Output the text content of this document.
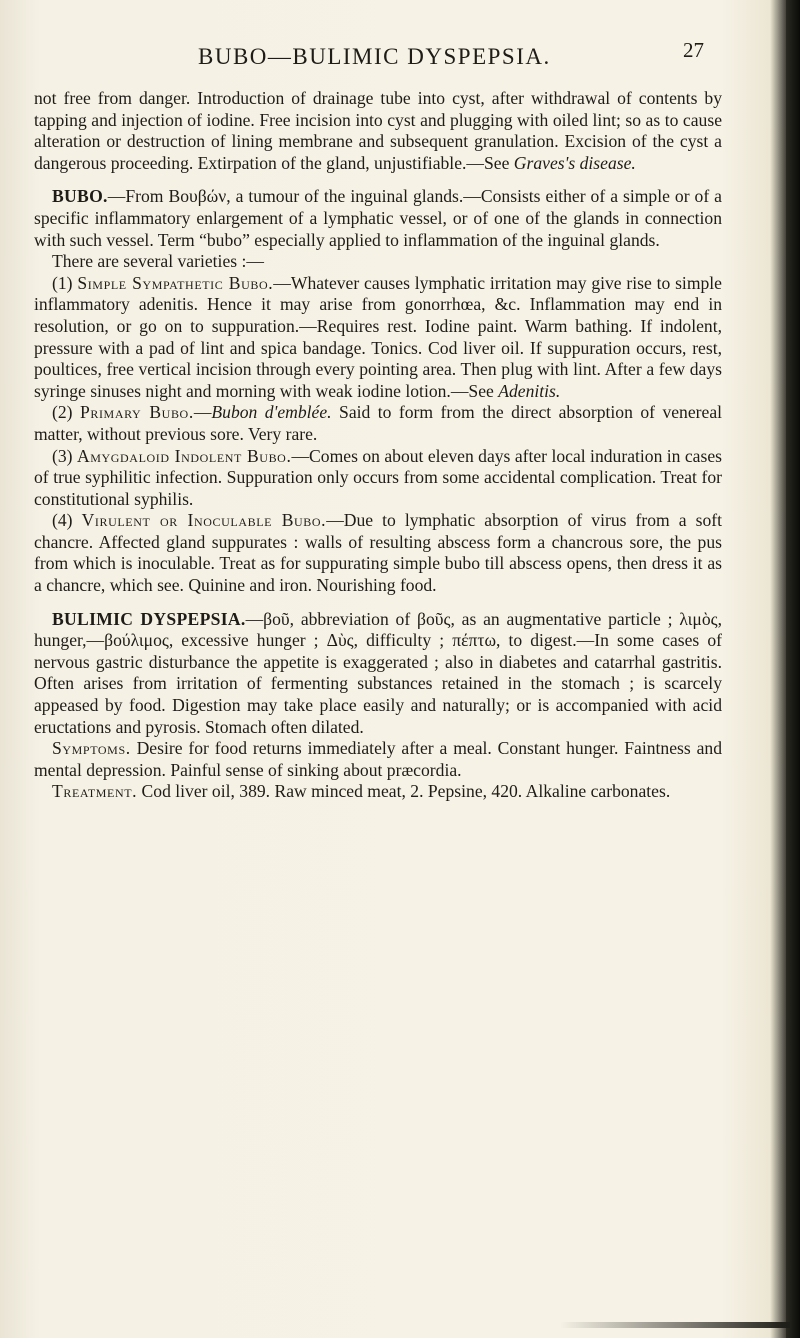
BUBO—BULIMIC DYSPEPSIA.	27

not free from danger. Introduction of drainage tube into cyst, after withdrawal of contents by tapping and injection of iodine. Free incision into cyst and plugging with oiled lint; so as to cause alteration or destruction of lining membrane and subsequent granulation. Excision of the cyst a dangerous proceeding. Extirpation of the gland, unjustifiable.—See Graves's disease.

BUBO.—From Βουβών, a tumour of the inguinal glands.—Consists either of a simple or of a specific inflammatory enlargement of a lymphatic vessel, or of one of the glands in connection with such vessel. Term “bubo” especially applied to inflammation of the inguinal glands.

There are several varieties :—

(1) Simple Sympathetic Bubo.—Whatever causes lymphatic irritation may give rise to simple inflammatory adenitis. Hence it may arise from gonorrhœa, &c. Inflammation may end in resolution, or go on to suppuration.—Requires rest. Iodine paint. Warm bathing. If indolent, pressure with a pad of lint and spica bandage. Tonics. Cod liver oil. If suppuration occurs, rest, poultices, free vertical incision through every pointing area. Then plug with lint. After a few days syringe sinuses night and morning with weak iodine lotion.—See Adenitis.

(2) Primary Bubo.—Bubon d'emblée. Said to form from the direct absorption of venereal matter, without previous sore. Very rare.

(3) Amygdaloid Indolent Bubo.—Comes on about eleven days after local induration in cases of true syphilitic infection. Suppuration only occurs from some accidental complication. Treat for constitutional syphilis.

(4) Virulent or Inoculable Bubo.—Due to lymphatic absorption of virus from a soft chancre. Affected gland suppurates : walls of resulting abscess form a chancrous sore, the pus from which is inoculable. Treat as for suppurating simple bubo till abscess opens, then dress it as a chancre, which see. Quinine and iron. Nourishing food.

BULIMIC DYSPEPSIA.—βοῦ, abbreviation of βοῦς, as an augmentative particle ; λιμὸς, hunger,—βούλιμος, excessive hunger ; Δὺς, difficulty ; πέπτω, to digest.—In some cases of nervous gastric disturbance the appetite is exaggerated ; also in diabetes and catarrhal gastritis. Often arises from irritation of fermenting substances retained in the stomach ; is scarcely appeased by food. Digestion may take place easily and naturally; or is accompanied with acid eructations and pyrosis. Stomach often dilated.

Symptoms. Desire for food returns immediately after a meal. Constant hunger. Faintness and mental depression. Painful sense of sinking about præcordia.

Treatment. Cod liver oil, 389. Raw minced meat, 2. Pepsine, 420. Alkaline carbonates.
